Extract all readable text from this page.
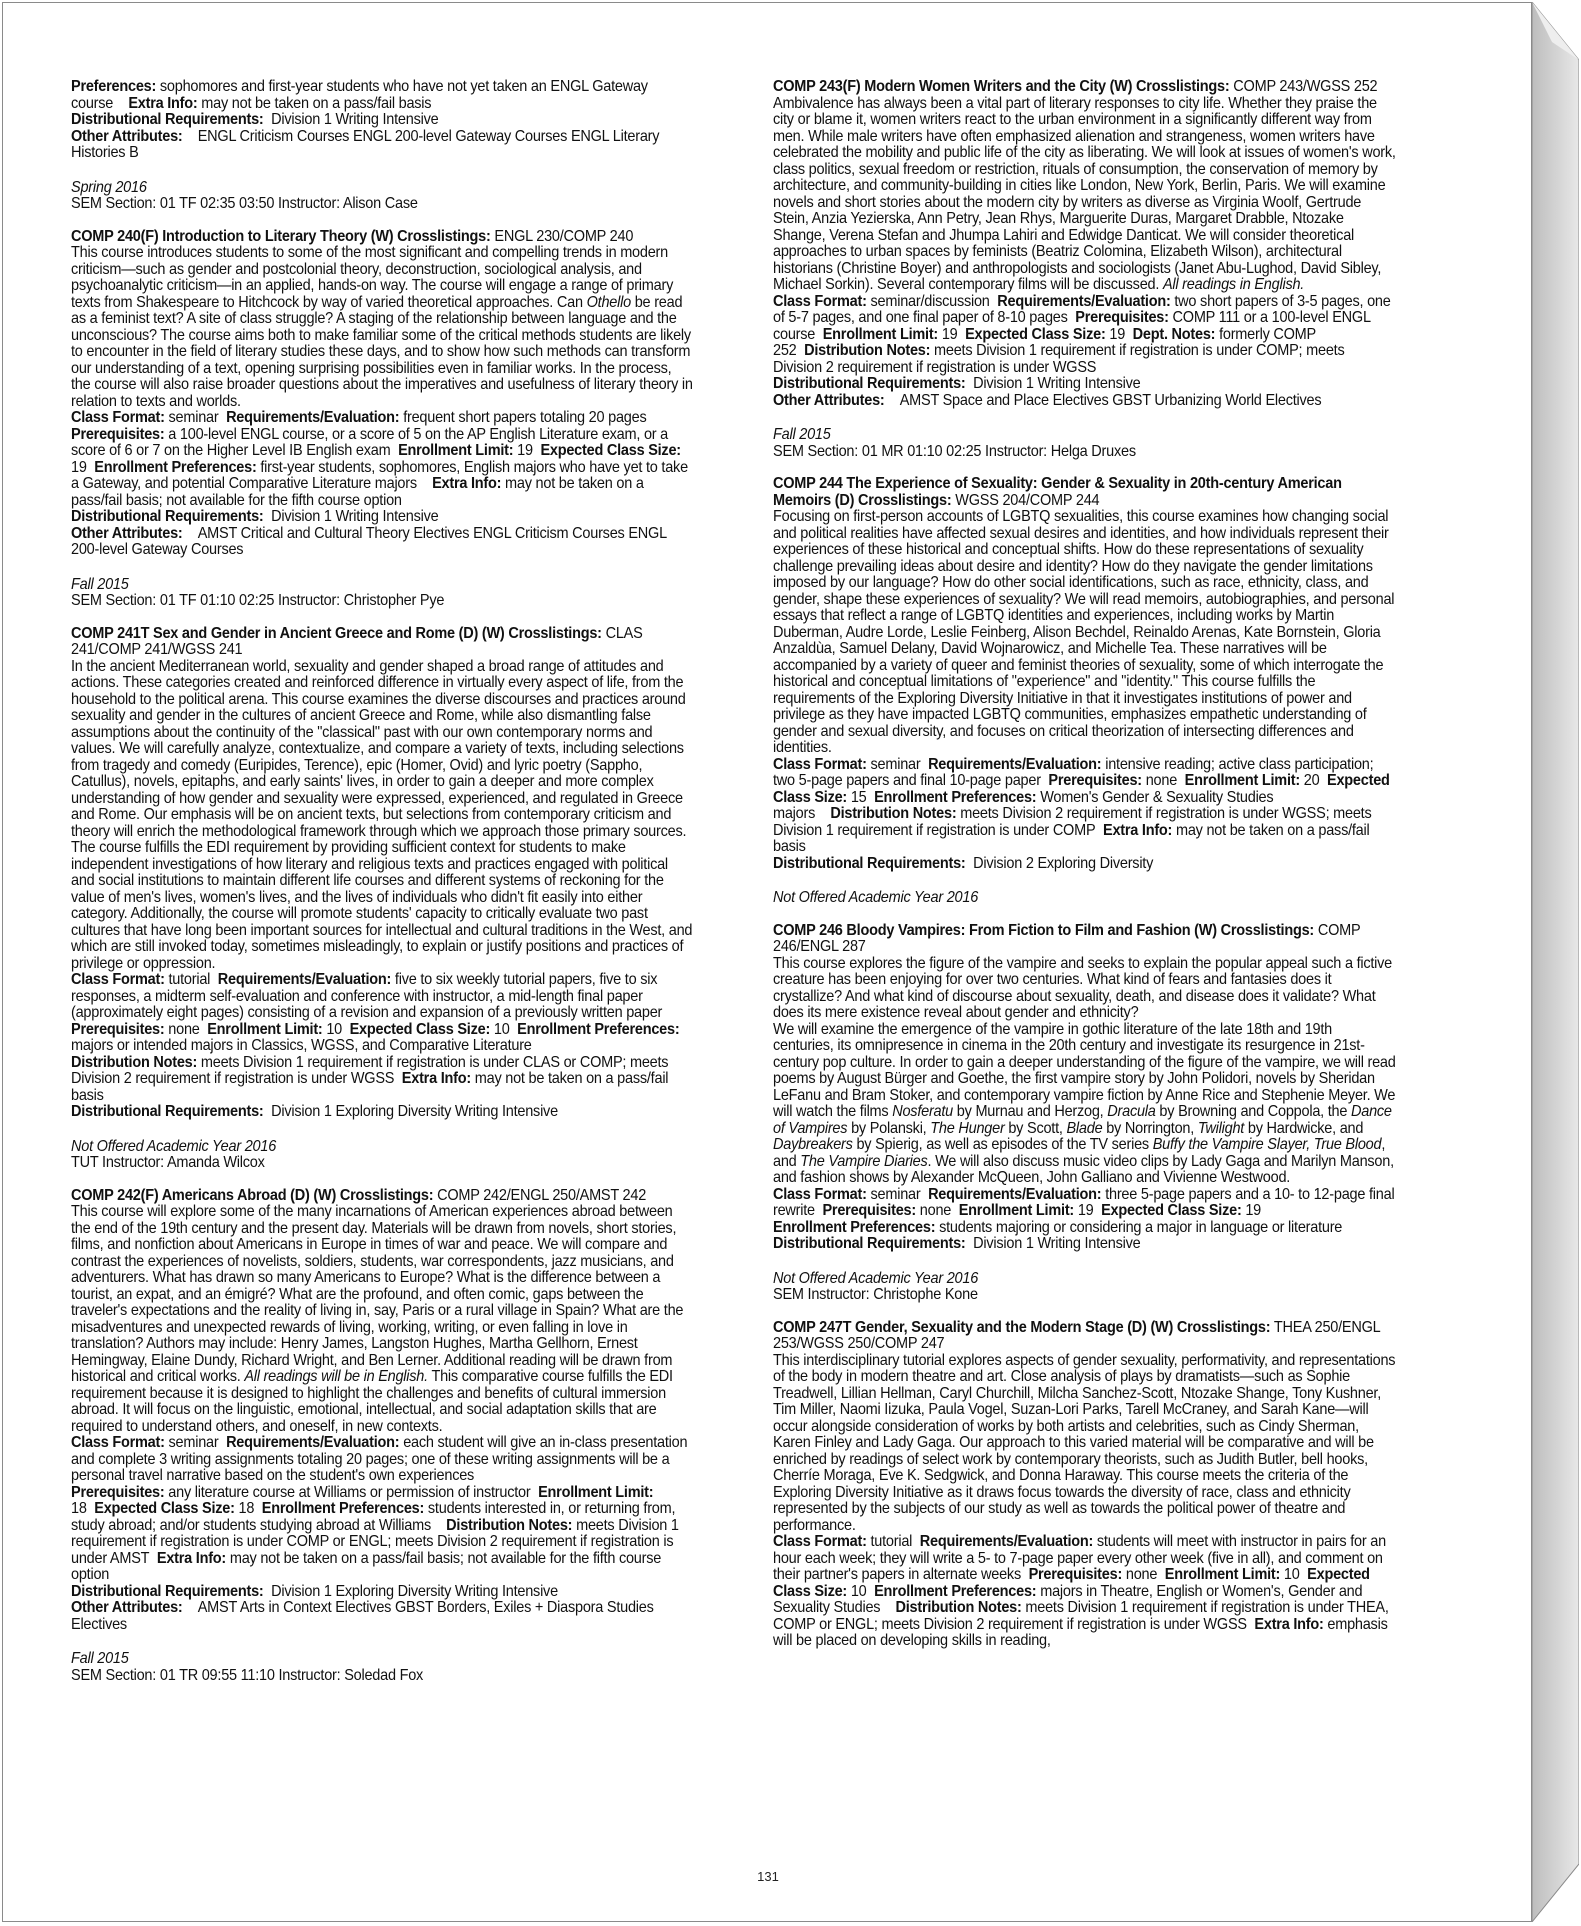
Preferences: sophomores and first-year students who have not yet taken an ENGL Gateway course Extra Info: may not be taken on a pass/fail basis

Distributional Requirements: Division 1 Writing Intensive

Other Attributes: ENGL Criticism Courses ENGL 200-level Gateway Courses ENGL Literary Histories B

Spring 2016

SEM Section: 01 TF 02:35 03:50 Instructor: Alison Case

COMP 240(F) Introduction to Literary Theory (W) Crosslistings: ENGL 230/COMP 240

This course introduces students to some of the most significant and compelling trends in modern criticism—such as gender and postcolonial theory, deconstruction, sociological analysis, and psychoanalytic criticism—in an applied, hands-on way. The course will engage a range of primary texts from Shakespeare to Hitchcock by way of varied theoretical approaches. Can Othello be read as a feminist text? A site of class struggle? A staging of the relationship between language and the unconscious? The course aims both to make familiar some of the critical methods students are likely to encounter in the field of literary studies these days, and to show how such methods can transform our understanding of a text, opening surprising possibilities even in familiar works. In the process, the course will also raise broader questions about the imperatives and usefulness of literary theory in relation to texts and worlds.

Class Format: seminar Requirements/Evaluation: frequent short papers totaling 20 pages

Prerequisites: a 100-level ENGL course, or a score of 5 on the AP English Literature exam, or a score of 6 or 7 on the Higher Level IB English exam Enrollment Limit: 19 Expected Class Size: 19 Enrollment Preferences: first-year students, sophomores, English majors who have yet to take a Gateway, and potential Comparative Literature majors Extra Info: may not be taken on a pass/fail basis; not available for the fifth course option

Distributional Requirements: Division 1 Writing Intensive

Other Attributes: AMST Critical and Cultural Theory Electives ENGL Criticism Courses ENGL 200-level Gateway Courses

Fall 2015

SEM Section: 01 TF 01:10 02:25 Instructor: Christopher Pye

COMP 241T Sex and Gender in Ancient Greece and Rome (D) (W) Crosslistings: CLAS 241/COMP 241/WGSS 241

In the ancient Mediterranean world, sexuality and gender shaped a broad range of attitudes and actions. These categories created and reinforced difference in virtually every aspect of life, from the household to the political arena. This course examines the diverse discourses and practices around sexuality and gender in the cultures of ancient Greece and Rome, while also dismantling false assumptions about the continuity of the "classical" past with our own contemporary norms and values. We will carefully analyze, contextualize, and compare a variety of texts, including selections from tragedy and comedy (Euripides, Terence), epic (Homer, Ovid) and lyric poetry (Sappho, Catullus), novels, epitaphs, and early saints' lives, in order to gain a deeper and more complex understanding of how gender and sexuality were expressed, experienced, and regulated in Greece and Rome. Our emphasis will be on ancient texts, but selections from contemporary criticism and theory will enrich the methodological framework through which we approach those primary sources. The course fulfills the EDI requirement by providing sufficient context for students to make independent investigations of how literary and religious texts and practices engaged with political and social institutions to maintain different life courses and different systems of reckoning for the value of men's lives, women's lives, and the lives of individuals who didn't fit easily into either category. Additionally, the course will promote students' capacity to critically evaluate two past cultures that have long been important sources for intellectual and cultural traditions in the West, and which are still invoked today, sometimes misleadingly, to explain or justify positions and practices of privilege or oppression.

Class Format: tutorial Requirements/Evaluation: five to six weekly tutorial papers, five to six responses, a midterm self-evaluation and conference with instructor, a mid-length final paper (approximately eight pages) consisting of a revision and expansion of a previously written paper

Prerequisites: none Enrollment Limit: 10 Expected Class Size: 10 Enrollment Preferences: majors or intended majors in Classics, WGSS, and Comparative Literature

Distribution Notes: meets Division 1 requirement if registration is under CLAS or COMP; meets Division 2 requirement if registration is under WGSS Extra Info: may not be taken on a pass/fail basis

Distributional Requirements: Division 1 Exploring Diversity Writing Intensive

Not Offered Academic Year 2016

TUT Instructor: Amanda Wilcox

COMP 242(F) Americans Abroad (D) (W) Crosslistings: COMP 242/ENGL 250/AMST 242

This course will explore some of the many incarnations of American experiences abroad between the end of the 19th century and the present day. Materials will be drawn from novels, short stories, films, and nonfiction about Americans in Europe in times of war and peace. We will compare and contrast the experiences of novelists, soldiers, students, war correspondents, jazz musicians, and adventurers. What has drawn so many Americans to Europe? What is the difference between a tourist, an expat, and an émigré? What are the profound, and often comic, gaps between the traveler's expectations and the reality of living in, say, Paris or a rural village in Spain? What are the misadventures and unexpected rewards of living, working, writing, or even falling in love in translation? Authors may include: Henry James, Langston Hughes, Martha Gellhorn, Ernest Hemingway, Elaine Dundy, Richard Wright, and Ben Lerner. Additional reading will be drawn from historical and critical works. All readings will be in English. This comparative course fulfills the EDI requirement because it is designed to highlight the challenges and benefits of cultural immersion abroad. It will focus on the linguistic, emotional, intellectual, and social adaptation skills that are required to understand others, and oneself, in new contexts.

Class Format: seminar Requirements/Evaluation: each student will give an in-class presentation and complete 3 writing assignments totaling 20 pages; one of these writing assignments will be a personal travel narrative based on the student's own experiences

Prerequisites: any literature course at Williams or permission of instructor Enrollment Limit: 18 Expected Class Size: 18 Enrollment Preferences: students interested in, or returning from, study abroad; and/or students studying abroad at Williams Distribution Notes: meets Division 1 requirement if registration is under COMP or ENGL; meets Division 2 requirement if registration is under AMST Extra Info: may not be taken on a pass/fail basis; not available for the fifth course option

Distributional Requirements: Division 1 Exploring Diversity Writing Intensive

Other Attributes: AMST Arts in Context Electives GBST Borders, Exiles + Diaspora Studies Electives

Fall 2015

SEM Section: 01 TR 09:55 11:10 Instructor: Soledad Fox

COMP 243(F) Modern Women Writers and the City (W) Crosslistings: COMP 243/WGSS 252

Ambivalence has always been a vital part of literary responses to city life. Whether they praise the city or blame it, women writers react to the urban environment in a significantly different way from men. While male writers have often emphasized alienation and strangeness, women writers have celebrated the mobility and public life of the city as liberating. We will look at issues of women's work, class politics, sexual freedom or restriction, rituals of consumption, the conservation of memory by architecture, and community-building in cities like London, New York, Berlin, Paris. We will examine novels and short stories about the modern city by writers as diverse as Virginia Woolf, Gertrude Stein, Anzia Yezierska, Ann Petry, Jean Rhys, Marguerite Duras, Margaret Drabble, Ntozake Shange, Verena Stefan and Jhumpa Lahiri and Edwidge Danticat. We will consider theoretical approaches to urban spaces by feminists (Beatriz Colomina, Elizabeth Wilson), architectural historians (Christine Boyer) and anthropologists and sociologists (Janet Abu-Lughod, David Sibley, Michael Sorkin). Several contemporary films will be discussed. All readings in English.

Class Format: seminar/discussion Requirements/Evaluation: two short papers of 3-5 pages, one of 5-7 pages, and one final paper of 8-10 pages Prerequisites: COMP 111 or a 100-level ENGL course Enrollment Limit: 19 Expected Class Size: 19 Dept. Notes: formerly COMP 252 Distribution Notes: meets Division 1 requirement if registration is under COMP; meets Division 2 requirement if registration is under WGSS

Distributional Requirements: Division 1 Writing Intensive

Other Attributes: AMST Space and Place Electives GBST Urbanizing World Electives

Fall 2015

SEM Section: 01 MR 01:10 02:25 Instructor: Helga Druxes

COMP 244 The Experience of Sexuality: Gender & Sexuality in 20th-century American Memoirs (D) Crosslistings: WGSS 204/COMP 244

Focusing on first-person accounts of LGBTQ sexualities, this course examines how changing social and political realities have affected sexual desires and identities, and how individuals represent their experiences of these historical and conceptual shifts. How do these representations of sexuality challenge prevailing ideas about desire and identity? How do they navigate the gender limitations imposed by our language? How do other social identifications, such as race, ethnicity, class, and gender, shape these experiences of sexuality? We will read memoirs, autobiographies, and personal essays that reflect a range of LGBTQ identities and experiences, including works by Martin Duberman, Audre Lorde, Leslie Feinberg, Alison Bechdel, Reinaldo Arenas, Kate Bornstein, Gloria Anzaldùa, Samuel Delany, David Wojnarowicz, and Michelle Tea. These narratives will be accompanied by a variety of queer and feminist theories of sexuality, some of which interrogate the historical and conceptual limitations of "experience" and "identity." This course fulfills the requirements of the Exploring Diversity Initiative in that it investigates institutions of power and privilege as they have impacted LGBTQ communities, emphasizes empathetic understanding of gender and sexual diversity, and focuses on critical theorization of intersecting differences and identities.

Class Format: seminar Requirements/Evaluation: intensive reading; active class participation; two 5-page papers and final 10-page paper Prerequisites: none Enrollment Limit: 20 Expected Class Size: 15 Enrollment Preferences: Women's Gender & Sexuality Studies majors Distribution Notes: meets Division 2 requirement if registration is under WGSS; meets Division 1 requirement if registration is under COMP Extra Info: may not be taken on a pass/fail basis

Distributional Requirements: Division 2 Exploring Diversity

Not Offered Academic Year 2016

COMP 246 Bloody Vampires: From Fiction to Film and Fashion (W) Crosslistings: COMP 246/ENGL 287

This course explores the figure of the vampire and seeks to explain the popular appeal such a fictive creature has been enjoying for over two centuries. What kind of fears and fantasies does it crystallize? And what kind of discourse about sexuality, death, and disease does it validate? What does its mere existence reveal about gender and ethnicity?

We will examine the emergence of the vampire in gothic literature of the late 18th and 19th centuries, its omnipresence in cinema in the 20th century and investigate its resurgence in 21st-century pop culture. In order to gain a deeper understanding of the figure of the vampire, we will read poems by August Bürger and Goethe, the first vampire story by John Polidori, novels by Sheridan LeFanu and Bram Stoker, and contemporary vampire fiction by Anne Rice and Stephenie Meyer. We will watch the films Nosferatu by Murnau and Herzog, Dracula by Browning and Coppola, the Dance of Vampires by Polanski, The Hunger by Scott, Blade by Norrington, Twilight by Hardwicke, and Daybreakers by Spierig, as well as episodes of the TV series Buffy the Vampire Slayer, True Blood, and The Vampire Diaries. We will also discuss music video clips by Lady Gaga and Marilyn Manson, and fashion shows by Alexander McQueen, John Galliano and Vivienne Westwood.

Class Format: seminar Requirements/Evaluation: three 5-page papers and a 10- to 12-page final rewrite Prerequisites: none Enrollment Limit: 19 Expected Class Size: 19

Enrollment Preferences: students majoring or considering a major in language or literature

Distributional Requirements: Division 1 Writing Intensive

Not Offered Academic Year 2016

SEM Instructor: Christophe Kone

COMP 247T Gender, Sexuality and the Modern Stage (D) (W) Crosslistings: THEA 250/ENGL 253/WGSS 250/COMP 247

This interdisciplinary tutorial explores aspects of gender sexuality, performativity, and representations of the body in modern theatre and art. Close analysis of plays by dramatists—such as Sophie Treadwell, Lillian Hellman, Caryl Churchill, Milcha Sanchez-Scott, Ntozake Shange, Tony Kushner, Tim Miller, Naomi Iizuka, Paula Vogel, Suzan-Lori Parks, Tarell McCraney, and Sarah Kane—will occur alongside consideration of works by both artists and celebrities, such as Cindy Sherman, Karen Finley and Lady Gaga. Our approach to this varied material will be comparative and will be enriched by readings of select work by contemporary theorists, such as Judith Butler, bell hooks, Cherríe Moraga, Eve K. Sedgwick, and Donna Haraway. This course meets the criteria of the Exploring Diversity Initiative as it draws focus towards the diversity of race, class and ethnicity represented by the subjects of our study as well as towards the political power of theatre and performance.

Class Format: tutorial Requirements/Evaluation: students will meet with instructor in pairs for an hour each week; they will write a 5- to 7-page paper every other week (five in all), and comment on their partner's papers in alternate weeks Prerequisites: none Enrollment Limit: 10 Expected Class Size: 10 Enrollment Preferences: majors in Theatre, English or Women's, Gender and Sexuality Studies Distribution Notes: meets Division 1 requirement if registration is under THEA, COMP or ENGL; meets Division 2 requirement if registration is under WGSS Extra Info: emphasis will be placed on developing skills in reading,

131
